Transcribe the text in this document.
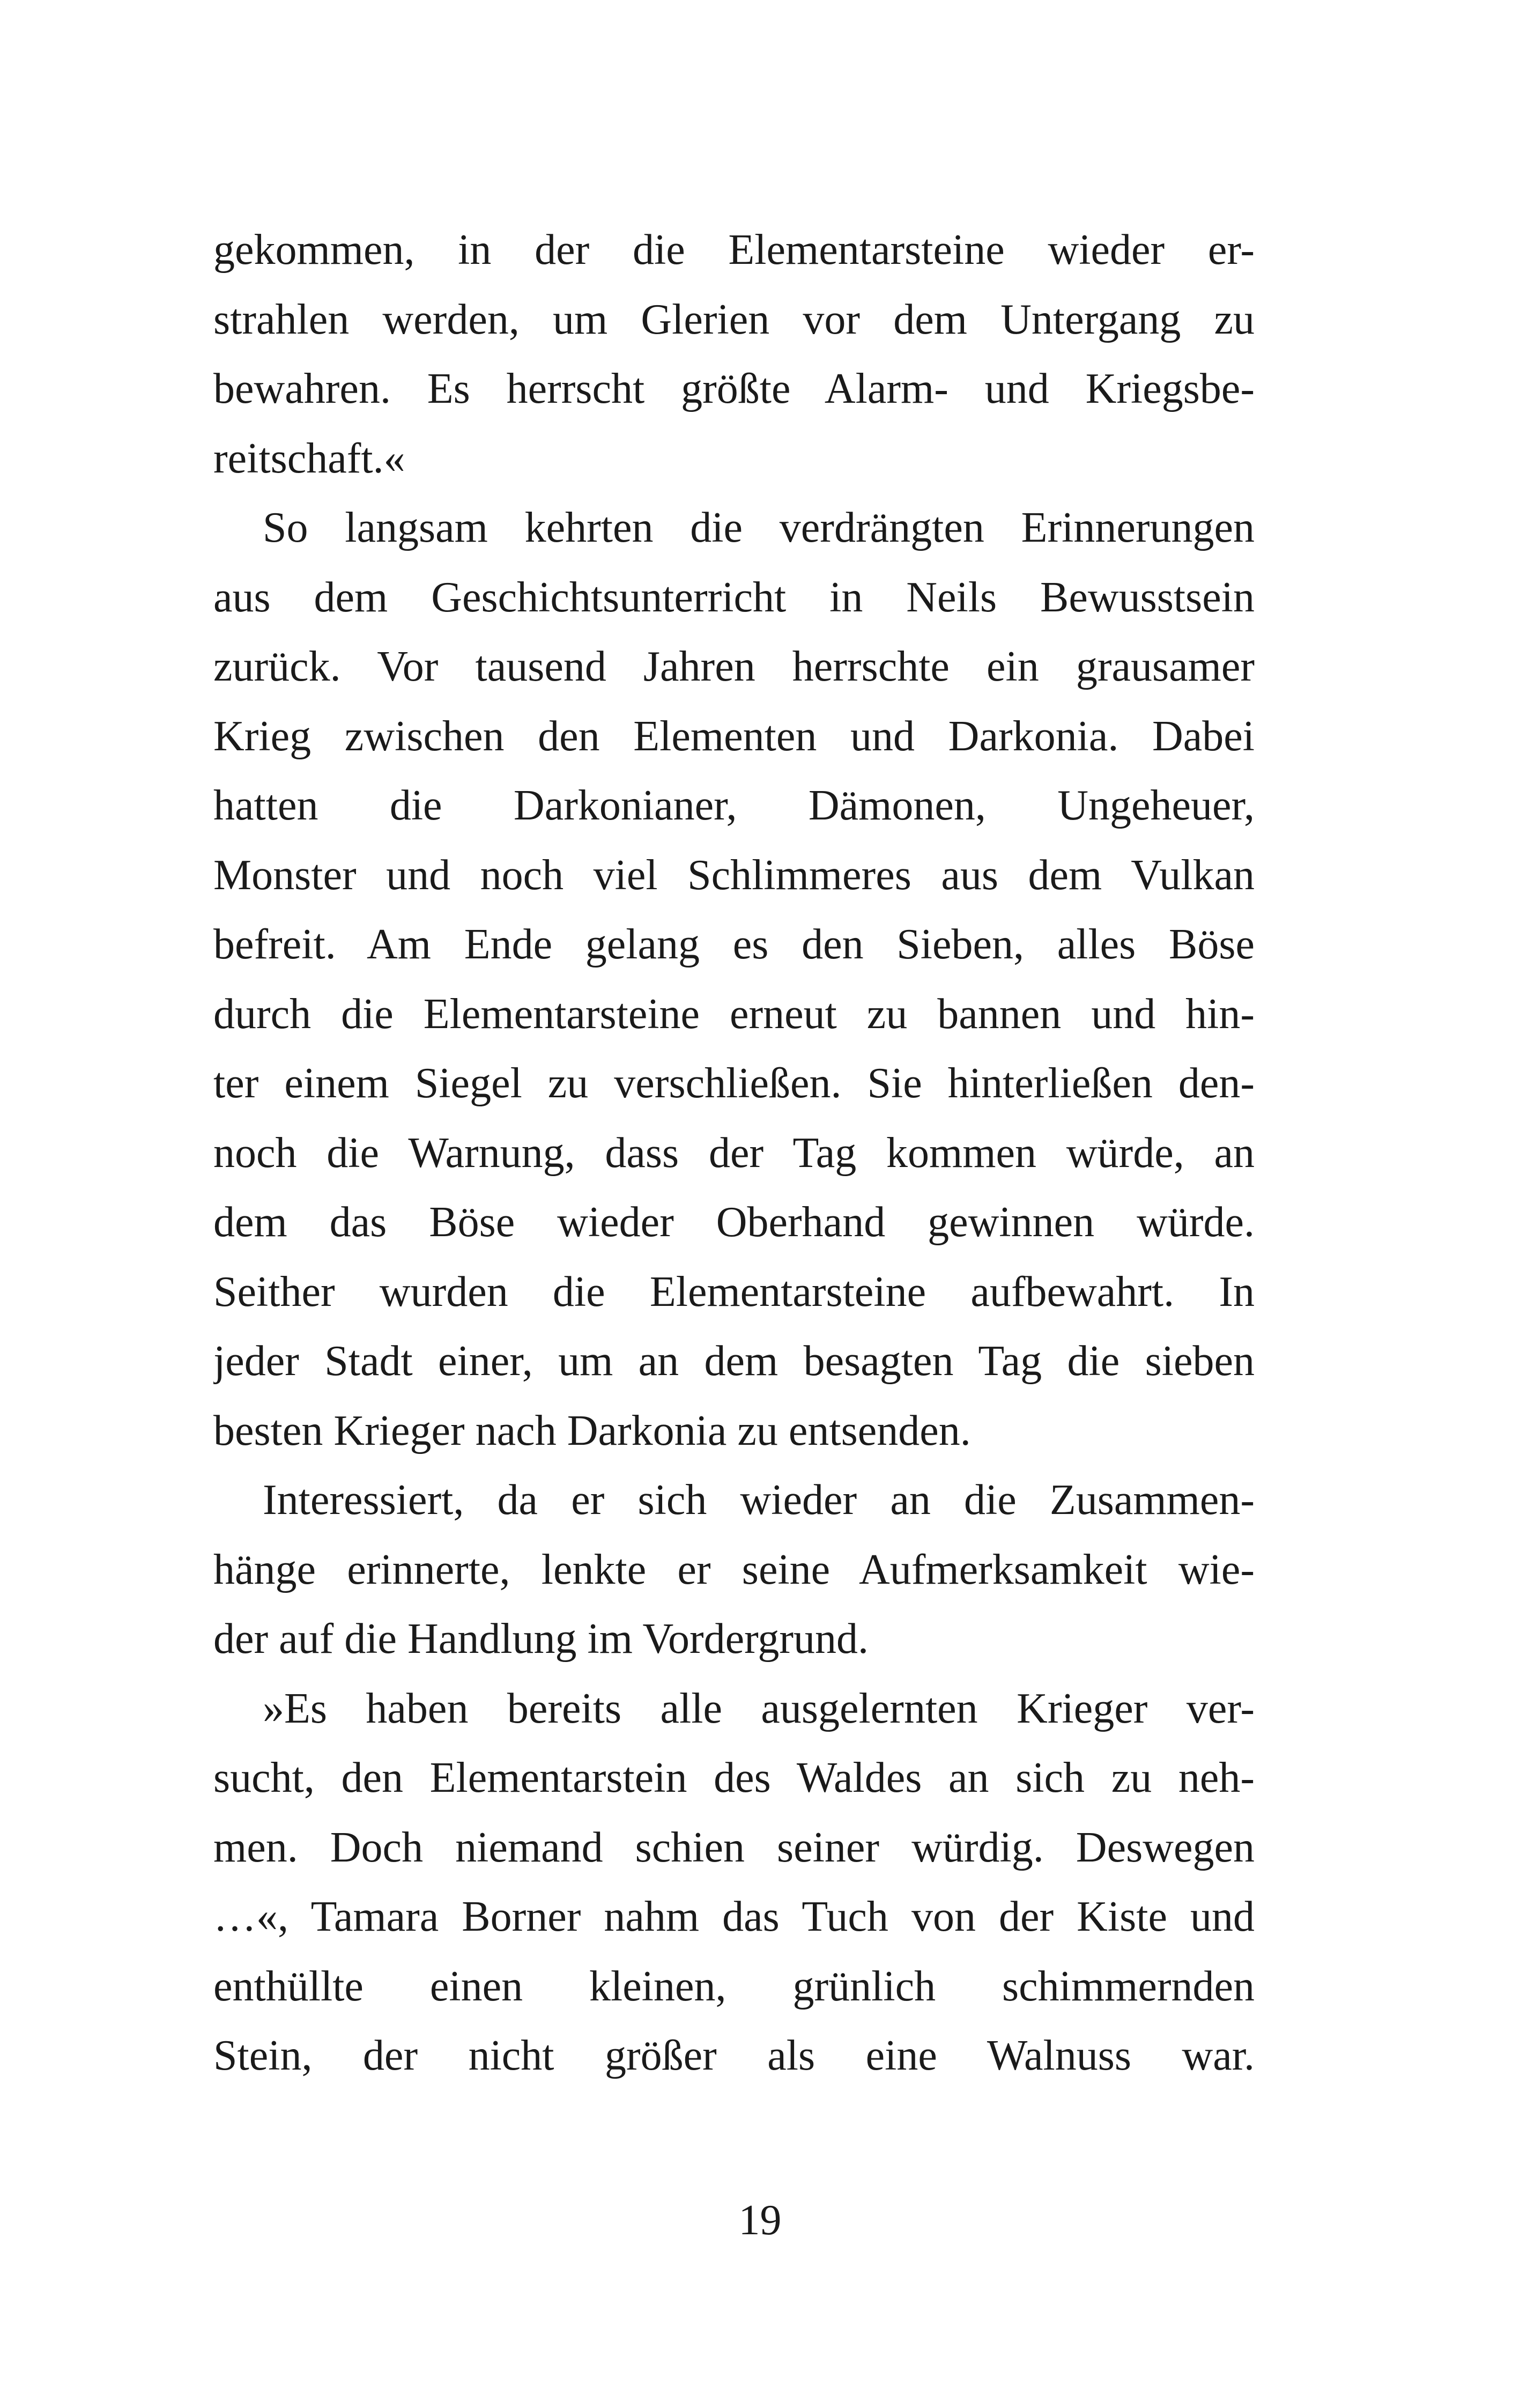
gekommen, in der die Elementarsteine wieder er-
strahlen werden, um Glerien vor dem Untergang zu
bewahren. Es herrscht größte Alarm- und Kriegsbe-
reitschaft.«
So langsam kehrten die verdrängten Erinnerungen
aus dem Geschichtsunterricht in Neils Bewusstsein
zurück. Vor tausend Jahren herrschte ein grausamer
Krieg zwischen den Elementen und Darkonia. Dabei
hatten die Darkonianer, Dämonen, Ungeheuer,
Monster und noch viel Schlimmeres aus dem Vulkan
befreit. Am Ende gelang es den Sieben, alles Böse
durch die Elementarsteine erneut zu bannen und hin-
ter einem Siegel zu verschließen. Sie hinterließen den-
noch die Warnung, dass der Tag kommen würde, an
dem das Böse wieder Oberhand gewinnen würde.
Seither wurden die Elementarsteine aufbewahrt. In
jeder Stadt einer, um an dem besagten Tag die sieben
besten Krieger nach Darkonia zu entsenden.
Interessiert, da er sich wieder an die Zusammen-
hänge erinnerte, lenkte er seine Aufmerksamkeit wie-
der auf die Handlung im Vordergrund.
»Es haben bereits alle ausgelernten Krieger ver-
sucht, den Elementarstein des Waldes an sich zu neh-
men. Doch niemand schien seiner würdig. Deswegen
…«, Tamara Borner nahm das Tuch von der Kiste und
enthüllte einen kleinen, grünlich schimmernden
Stein, der nicht größer als eine Walnuss war.
19
